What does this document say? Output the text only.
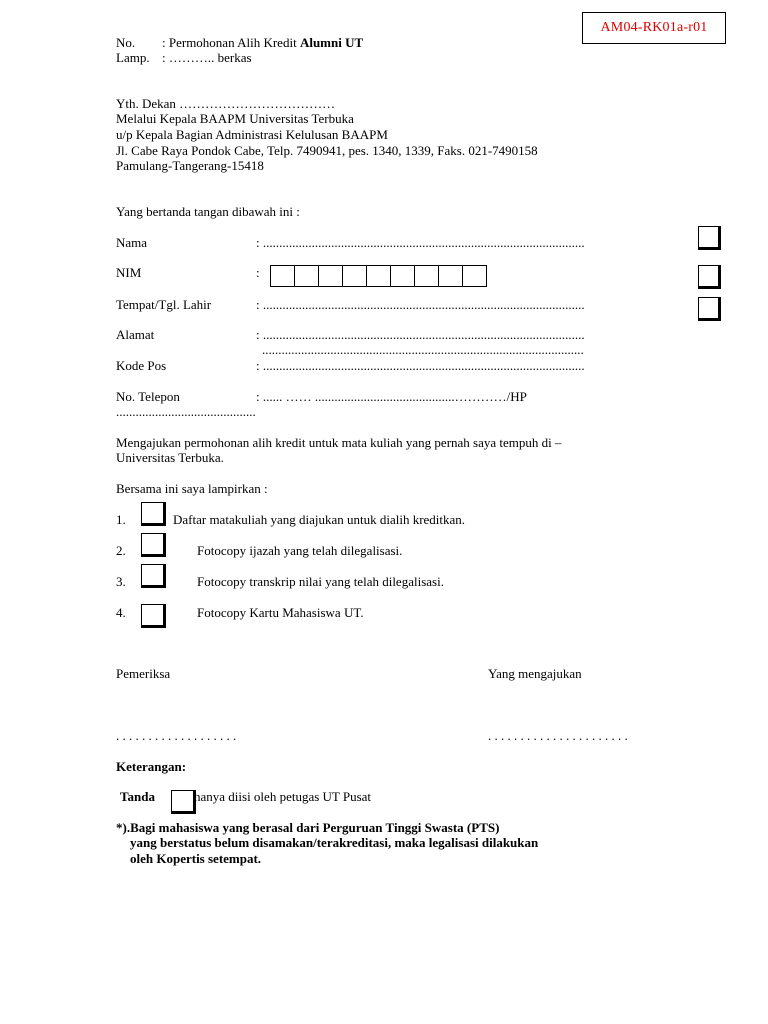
AM04-RK01a-r01
No. : Permohonan Alih Kredit Alumni UT
Lamp. : ……….. berkas
Yth. Dekan ………………………………
Melalui Kepala BAAPM Universitas Terbuka
u/p Kepala Bagian Administrasi Kelulusan BAAPM
Jl. Cabe Raya Pondok Cabe, Telp. 7490941, pes. 1340, 1339, Faks. 021-7490158
Pamulang-Tangerang-15418
Yang bertanda tangan dibawah ini :
Nama	: ...................................................................................................
NIM	:
Tempat/Tgl. Lahir	: ...................................................................................................
Alamat	: ...................................................................................................
...................................................................................................
Kode Pos	: ...................................................................................................
No. Telepon	: ...... …… ...........................................…………/HP
...........................................
Mengajukan permohonan alih kredit untuk mata kuliah yang pernah saya tempuh di –
Universitas Terbuka.
Bersama ini saya lampirkan :
1.	Daftar matakuliah yang diajukan untuk dialih kreditkan.
2.	Fotocopy ijazah yang telah dilegalisasi.
3.	Fotocopy transkrip nilai yang telah dilegalisasi.
4.	Fotocopy Kartu Mahasiswa UT.
Pemeriksa	Yang mengajukan
. . . . . . . . . . . . . . . . . . .	. . . . . . . . . . . . . . . . . . . . . .
Keterangan:
Tanda	hanya diisi oleh petugas UT Pusat
*).Bagi mahasiswa yang berasal dari Perguruan Tinggi Swasta (PTS)
yang berstatus belum disamakan/terakreditasi, maka legalisasi dilakukan
oleh Kopertis setempat.
